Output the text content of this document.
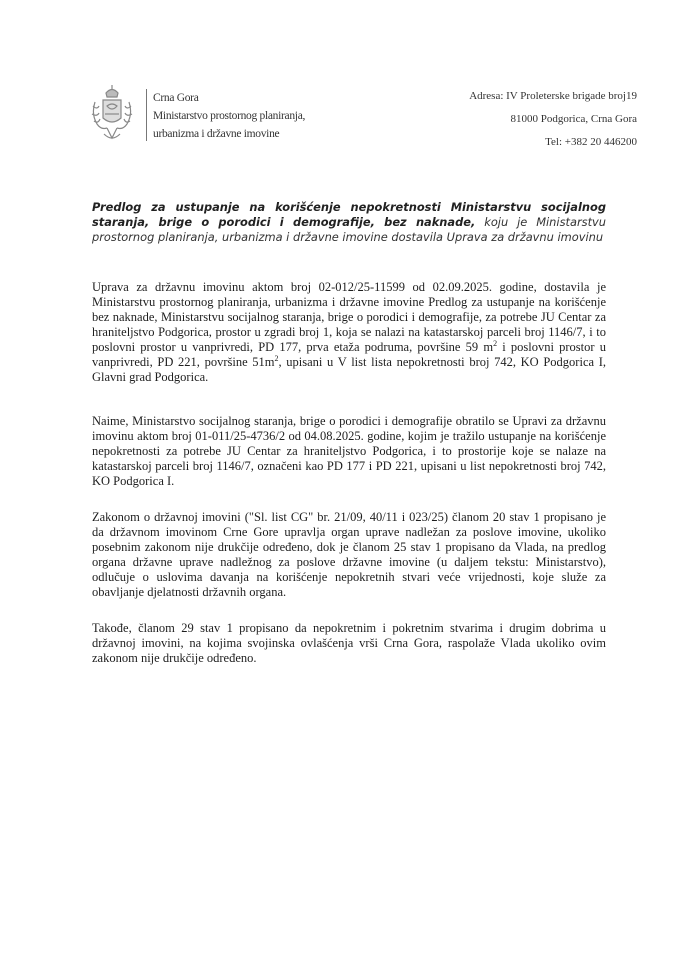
Crna Gora
Ministarstvo prostornog planiranja,
urbanizma i državne imovine
Adresa: IV Proleterske brigade broj19
81000 Podgorica, Crna Gora
Tel: +382 20 446200
Predlog za ustupanje na korišćenje nepokretnosti Ministarstvu socijalnog staranja, brige o porodici i demografije, bez naknade, koju je Ministarstvu prostornog planiranja, urbanizma i državne imovine dostavila Uprava za državnu imovinu
Uprava za državnu imovinu aktom broj 02-012/25-11599 od 02.09.2025. godine, dostavila je Ministarstvu prostornog planiranja, urbanizma i državne imovine Predlog za ustupanje na korišćenje bez naknade, Ministarstvu socijalnog staranja, brige o porodici i demografije, za potrebe JU Centar za hraniteljstvo Podgorica, prostor u zgradi broj 1, koja se nalazi na katastarskoj parceli broj 1146/7, i to poslovni prostor u vanprivredi, PD 177, prva etaža podruma, površine 59 $m^2$ i poslovni prostor u vanprivredi, PD 221, površine $51m^2$, upisani u V list lista nepokretnosti broj 742, KO Podgorica I, Glavni grad Podgorica.
Naime, Ministarstvo socijalnog staranja, brige o porodici i demografije obratilo se Upravi za državnu imovinu aktom broj 01-011/25-4736/2 od 04.08.2025. godine, kojim je tražilo ustupanje na korišćenje nepokretnosti za potrebe JU Centar za hraniteljstvo Podgorica, i to prostorije koje se nalaze na katastarskoj parceli broj 1146/7, označeni kao PD 177 i PD 221, upisani u list nepokretnosti broj 742, KO Podgorica I.
Zakonom o državnoj imovini ("Sl. list CG" br. 21/09, 40/11 i 023/25) članom 20 stav 1 propisano je da državnom imovinom Crne Gore upravlja organ uprave nadležan za poslove imovine, ukoliko posebnim zakonom nije drukčije određeno, dok je članom 25 stav 1 propisano da Vlada, na predlog organa državne uprave nadležnog za poslove državne imovine (u daljem tekstu: Ministarstvo), odlučuje o uslovima davanja na korišćenje nepokretnih stvari veće vrijednosti, koje služe za obavljanje djelatnosti državnih organa.
Takođe, članom 29 stav 1 propisano da nepokretnim i pokretnim stvarima i drugim dobrima u državnoj imovini, na kojima svojinska ovlašćenja vrši Crna Gora, raspolaže Vlada ukoliko ovim zakonom nije drukčije određeno.
